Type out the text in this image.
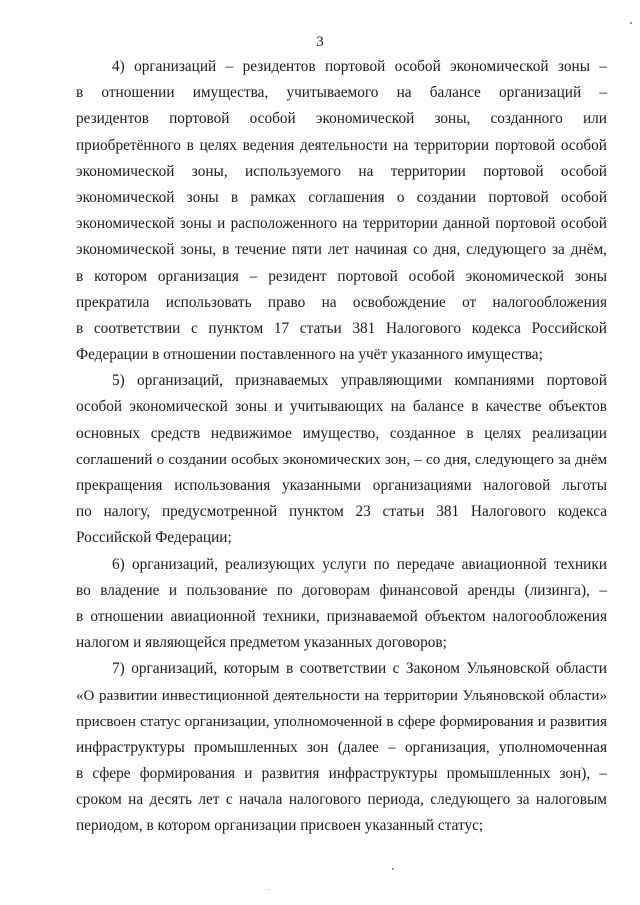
3
4) организаций – резидентов портовой особой экономической зоны –
в отношении имущества, учитываемого на балансе организаций –
резидентов портовой особой экономической зоны, созданного или
приобретённого в целях ведения деятельности на территории портовой особой
экономической зоны, используемого на территории портовой особой
экономической зоны в рамках соглашения о создании портовой особой
экономической зоны и расположенного на территории данной портовой особой
экономической зоны, в течение пяти лет начиная со дня, следующего за днём,
в котором организация – резидент портовой особой экономической зоны
прекратила использовать право на освобождение от налогообложения
в соответствии с пунктом 17 статьи 381 Налогового кодекса Российской
Федерации в отношении поставленного на учёт указанного имущества;
5) организаций, признаваемых управляющими компаниями портовой
особой экономической зоны и учитывающих на балансе в качестве объектов
основных средств недвижимое имущество, созданное в целях реализации
соглашений о создании особых экономических зон, – со дня, следующего за днём
прекращения использования указанными организациями налоговой льготы
по налогу, предусмотренной пунктом 23 статьи 381 Налогового кодекса
Российской Федерации;
6) организаций, реализующих услуги по передаче авиационной техники
во владение и пользование по договорам финансовой аренды (лизинга), –
в отношении авиационной техники, признаваемой объектом налогообложения
налогом и являющейся предметом указанных договоров;
7) организаций, которым в соответствии с Законом Ульяновской области
«О развитии инвестиционной деятельности на территории Ульяновской области»
присвоен статус организации, уполномоченной в сфере формирования и развития
инфраструктуры промышленных зон (далее – организация, уполномоченная
в сфере формирования и развития инфраструктуры промышленных зон), –
сроком на десять лет с начала налогового периода, следующего за налоговым
периодом, в котором организации присвоен указанный статус;
